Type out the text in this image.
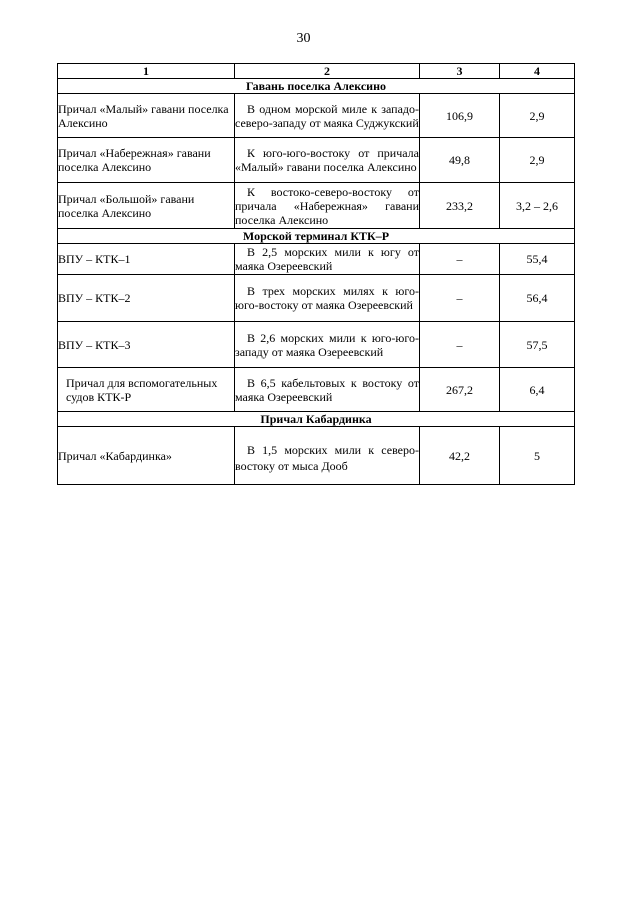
30
1	2	3	4
Гавань поселка Алексино			
Причал «Малый» гавани поселка Алексино	В одном морской миле к западо-северо-западу от маяка Суджукский	106,9	2,9
Причал «Набережная» гавани поселка Алексино	К юго-юго-востоку от причала «Малый» гавани поселка Алексино	49,8	2,9
Причал «Большой» гавани поселка Алексино	К востоко-северо-востоку от причала «Набережная» гавани поселка Алексино	233,2	3,2 – 2,6
Морской терминал КТК–Р			
ВПУ – КТК–1	В 2,5 морских мили к югу от маяка Озереевский	–	55,4
ВПУ – КТК–2	В трех морских милях к юго-юго-востоку от маяка Озереевский	–	56,4
ВПУ – КТК–3	В 2,6 морских мили к юго-юго-западу от маяка Озереевский	–	57,5
Причал для вспомогательных судов КТК-Р	В 6,5 кабельтовых к востоку от маяка Озереевский	267,2	6,4
Причал Кабардинка			
Причал «Кабардинка»	В 1,5 морских мили к северо-востоку от мыса Дооб	42,2	5
